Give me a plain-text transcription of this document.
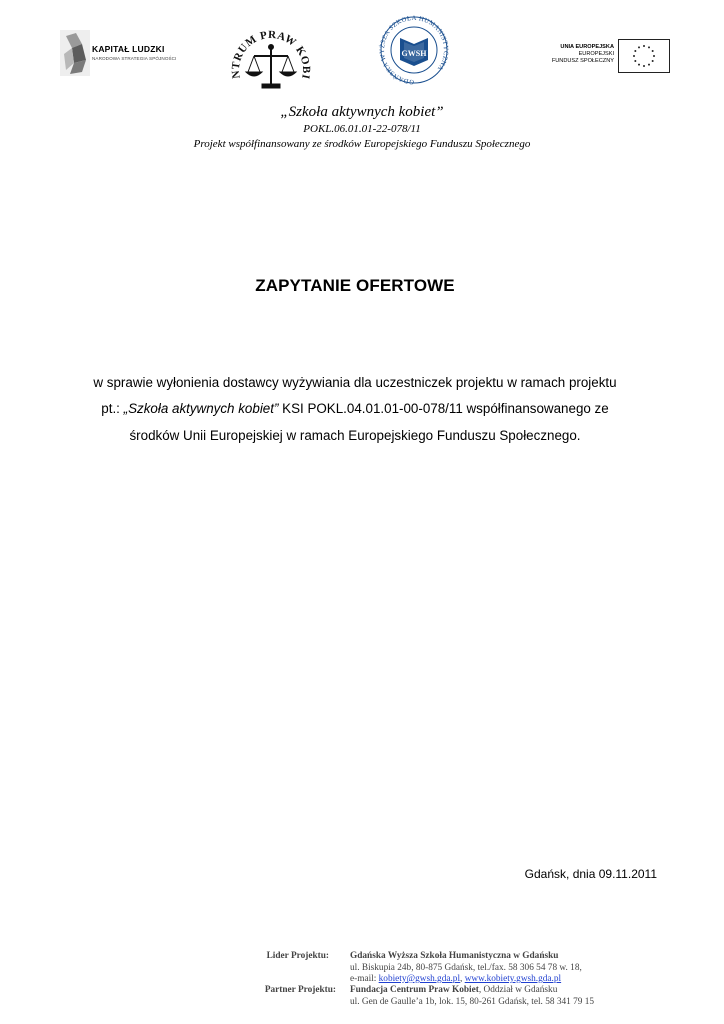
KAPITAŁ LUDZKI
NARODOWA STRATEGIA SPÓJNOŚCI
NTRUM PRAW KOBI
GDAŃSKA WYŻSZA SZKOŁA HUMANISTYCZNA
GWSH
UNIA EUROPEJSKA
EUROPEJSKI
FUNDUSZ SPOŁECZNY
„Szkoła aktywnych kobiet”
POKL.06.01.01-22-078/11
Projekt współfinansowany ze środków Europejskiego Funduszu Społecznego
ZAPYTANIE OFERTOWE
w sprawie wyłonienia dostawcy wyżywiania dla uczestniczek projektu w ramach projektu
pt.: „Szkoła aktywnych kobiet” KSI POKL.04.01.01-00-078/11 współfinansowanego ze
środków Unii Europejskiej w ramach Europejskiego Funduszu Społecznego.
Gdańsk, dnia 09.11.2011
Lider Projektu: Gdańska Wyższa Szkoła Humanistyczna w Gdańsku
ul. Biskupia 24b, 80-875 Gdańsk, tel./fax. 58 306 54 78 w. 18,
e-mail: kobiety@gwsh.gda.pl, www.kobiety.gwsh.gda.pl
Partner Projektu: Fundacja Centrum Praw Kobiet, Oddział w Gdańsku
ul. Gen de Gaulle’a 1b, lok. 15, 80-261 Gdańsk, tel. 58 341 79 15
